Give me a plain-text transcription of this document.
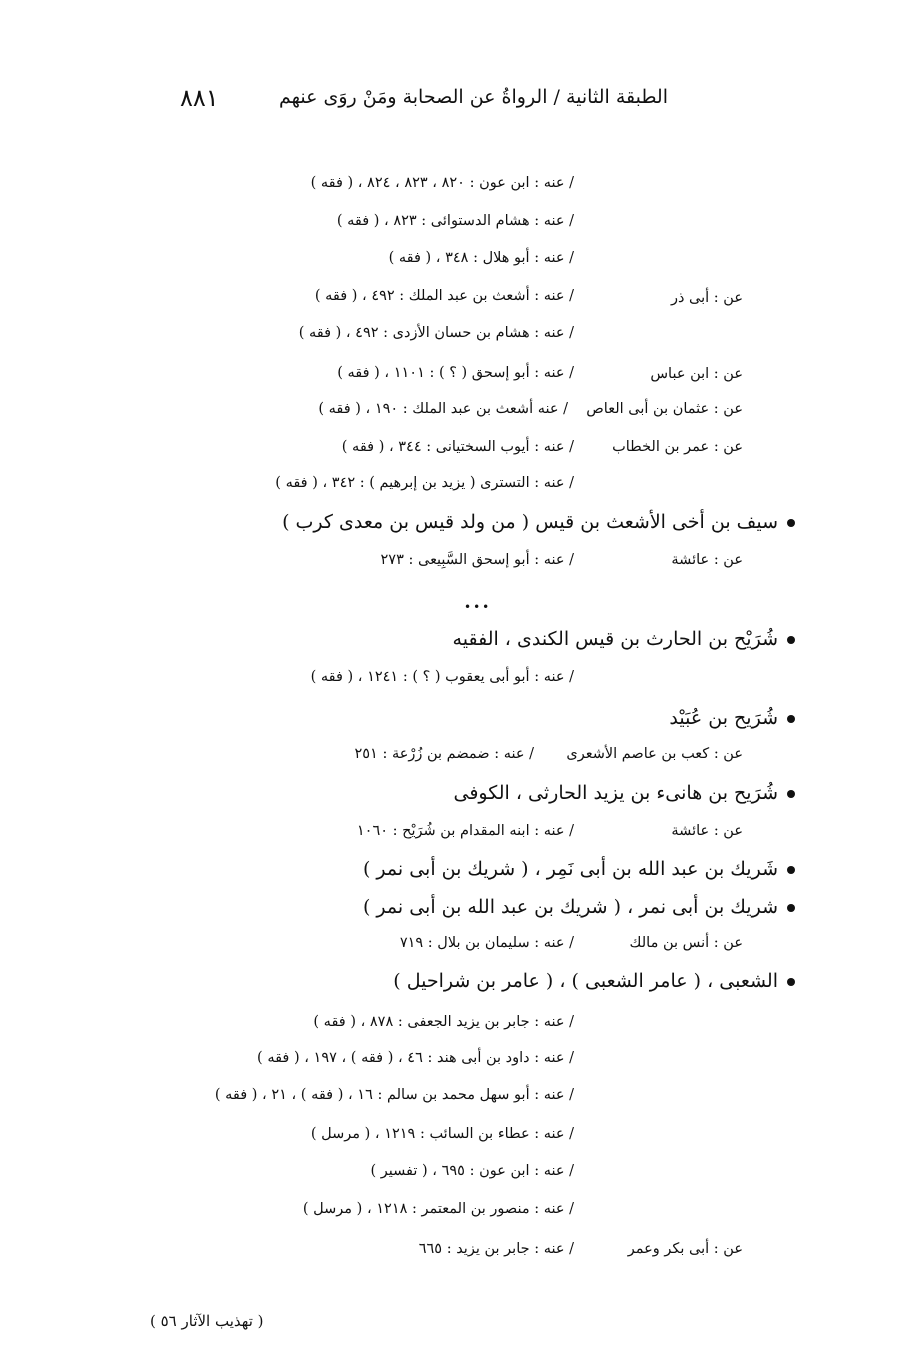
الطبقة الثانية / الرواةُ عن الصحابة ومَنْ روَى عنهم
٨٨١
/ عنه : ابن عون : ٨٢٠ ، ٨٢٣ ، ٨٢٤ ، ( فقه )
/ عنه : هشام الدستوائى : ٨٢٣ ، ( فقه )
/ عنه : أبو هلال : ٣٤٨ ، ( فقه )
عن : أبى ذر
/ عنه : أشعث بن عبد الملك : ٤٩٢ ، ( فقه )
/ عنه : هشام بن حسان الأزدى : ٤٩٢ ، ( فقه )
عن : ابن عباس
/ عنه : أبو إسحق ( ؟ ) : ١١٠١ ، ( فقه )
عن : عثمان بن أبى العاص
/ عنه أشعث بن عبد الملك : ١٩٠ ، ( فقه )
عن : عمر بن الخطاب
/ عنه : أيوب السختيانى : ٣٤٤ ، ( فقه )
/ عنه : التسترى ( يزيد بن إبرهيم ) : ٣٤٢ ، ( فقه )
سيف بن أخى الأشعث بن قيس ( من ولد قيس بن معدى كرب )
عن : عائشة
/ عنه : أبو إسحق السَّبِيعى : ٢٧٣
•••
شُرَيْح بن الحارث بن قيس الكندى ، الفقيه
/ عنه : أبو أبى يعقوب ( ؟ ) : ١٢٤١ ، ( فقه )
شُرَيح بن عُبَيْد
عن : كعب بن عاصم الأشعرى
/ عنه : ضمضم بن زُرْعة : ٢٥١
شُرَيح بن هانىء بن يزيد الحارثى ، الكوفى
عن : عائشة
/ عنه : ابنه المقدام بن شُرَيْح : ١٠٦٠
شَريك بن عبد الله بن أبى نَمِر ، ( شريك بن أبى نمر )
شريك بن أبى نمر ، ( شريك بن عبد الله بن أبى نمر )
عن : أنس بن مالك
/ عنه : سليمان بن بلال : ٧١٩
الشعبى ، ( عامر الشعبى ) ، ( عامر بن شراحيل )
/ عنه : جابر بن يزيد الجعفى : ٨٧٨ ، ( فقه )
/ عنه : داود بن أبى هند : ٤٦ ، ( فقه ) ، ١٩٧ ، ( فقه )
/ عنه : أبو سهل محمد بن سالم : ١٦ ، ( فقه ) ، ٢١ ، ( فقه )
/ عنه : عطاء بن السائب : ١٢١٩ ، ( مرسل )
/ عنه : ابن عون : ٦٩٥ ، ( تفسير )
/ عنه : منصور بن المعتمر : ١٢١٨ ، ( مرسل )
عن : أبى بكر وعمر
/ عنه : جابر بن يزيد : ٦٦٥
( تهذيب الآثار ٥٦ )
